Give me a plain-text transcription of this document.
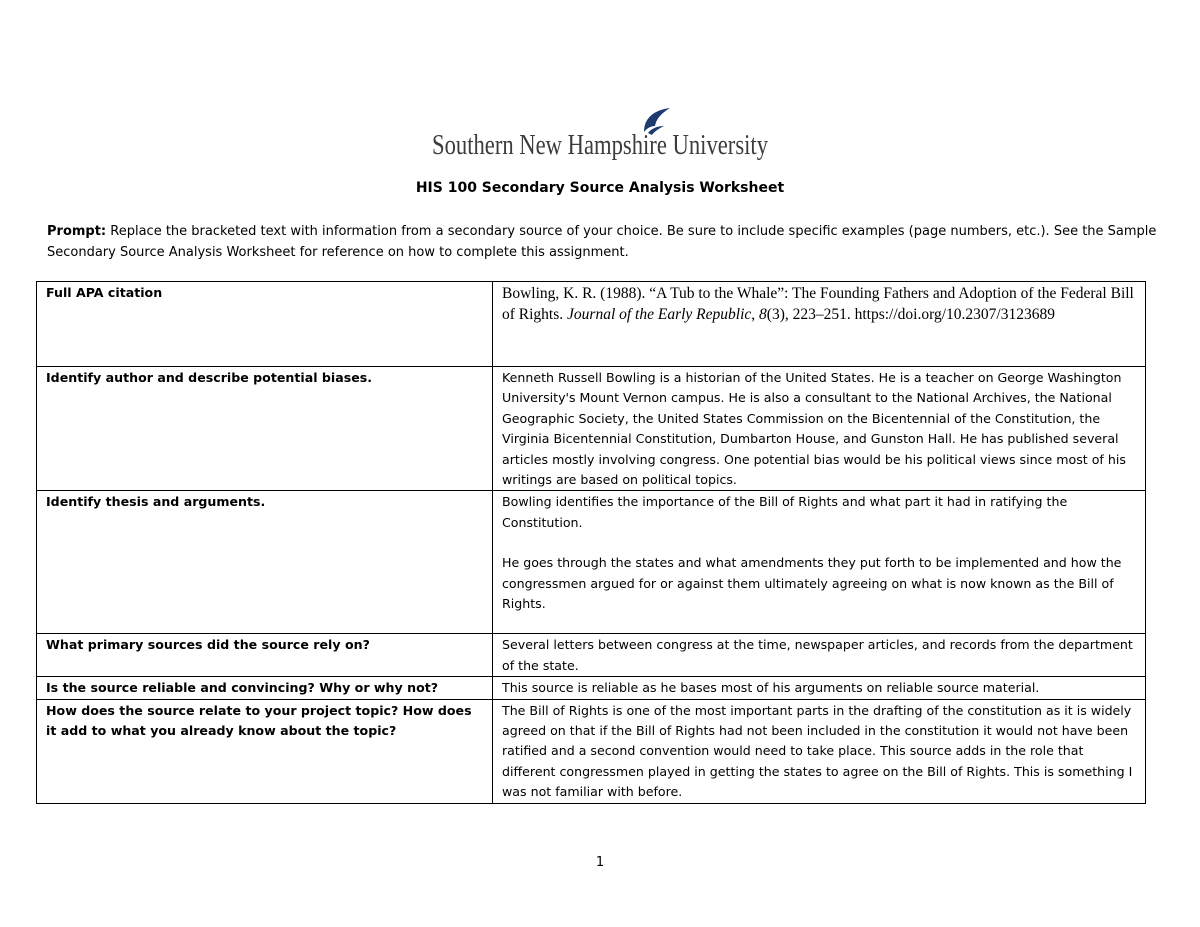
Southern New Hampshire University
HIS 100 Secondary Source Analysis Worksheet
Prompt: Replace the bracketed text with information from a secondary source of your choice. Be sure to include specific examples (page numbers, etc.). See the Sample Secondary Source Analysis Worksheet for reference on how to complete this assignment.
Full APA citation	Bowling, K. R. (1988). “A Tub to the Whale”: The Founding Fathers and Adoption of the Federal Bill of Rights. Journal of the Early Republic, 8(3), 223–251. https://doi.org/10.2307/3123689
Identify author and describe potential biases.	Kenneth Russell Bowling is a historian of the United States. He is a teacher on George Washington University's Mount Vernon campus. He is also a consultant to the National Archives, the National Geographic Society, the United States Commission on the Bicentennial of the Constitution, the Virginia Bicentennial Constitution, Dumbarton House, and Gunston Hall. He has published several articles mostly involving congress. One potential bias would be his political views since most of his writings are based on political topics.
Identify thesis and arguments.	Bowling identifies the importance of the Bill of Rights and what part it had in ratifying the Constitution.
He goes through the states and what amendments they put forth to be implemented and how the congressmen argued for or against them ultimately agreeing on what is now known as the Bill of Rights.
What primary sources did the source rely on?	Several letters between congress at the time, newspaper articles, and records from the department of the state.
Is the source reliable and convincing? Why or why not?	This source is reliable as he bases most of his arguments on reliable source material.
How does the source relate to your project topic? How does it add to what you already know about the topic?	The Bill of Rights is one of the most important parts in the drafting of the constitution as it is widely agreed on that if the Bill of Rights had not been included in the constitution it would not have been ratified and a second convention would need to take place. This source adds in the role that different congressmen played in getting the states to agree on the Bill of Rights. This is something I was not familiar with before.
1
